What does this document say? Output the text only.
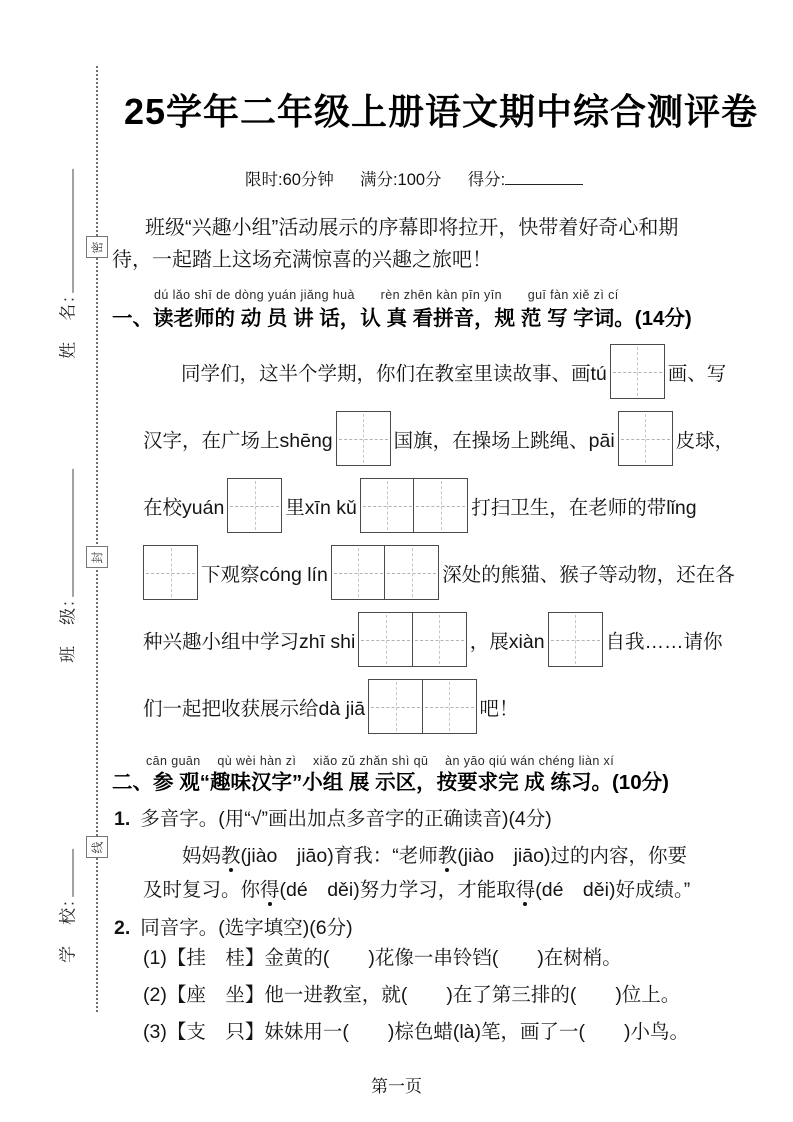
姓　名:
班　级:
学　校:
密
封
线
25学年二年级上册语文期中综合测评卷
限时:60分钟 满分:100分 得分:
班级“兴趣小组”活动展示的序幕即将拉开，快带着好奇心和期
待，一起踏上这场充满惊喜的兴趣之旅吧！
dú lǎo shī de dòng yuán jiǎng huà　　rèn zhēn kàn pīn yīn　　guī fàn xiě zì cí
一、读老师的 动 员 讲 话，认 真 看拼音，规 范 写 字词。(14分)
同学们，这半个学期，你们在教室里读故事、画tú	画、写
汉字，在广场上shēng	国旗，在操场上跳绳、pāi	皮球，
在校yuán	里xīn kǔ	打扫卫生，在老师的带lǐng
下观察cóng lín	深处的熊猫、猴子等动物，还在各
种兴趣小组中学习zhī shi	，展xiàn	自我……请你
们一起把收获展示给dà jiā	吧！
cān guān　 qù wèi hàn zì　 xiǎo zǔ zhǎn shì qū　 àn yāo qiú wán chéng liàn xí
二、参 观“趣味汉字”小组 展 示区，按要求完 成 练习。(10分)
1. 多音字。(用“√”画出加点多音字的正确读音)(4分)
妈妈教(jiào　jiāo)育我：“老师教(jiào　jiāo)过的内容，你要
及时复习。你得(dé　děi)努力学习，才能取得(dé　děi)好成绩。”
2. 同音字。(选字填空)(6分)
(1)【挂　桂】金黄的(　　)花像一串铃铛(　　)在树梢。
(2)【座　坐】他一进教室，就(　　)在了第三排的(　　)位上。
(3)【支　只】妹妹用一(　　)棕色蜡(là)笔，画了一(　　)小鸟。
第一页
